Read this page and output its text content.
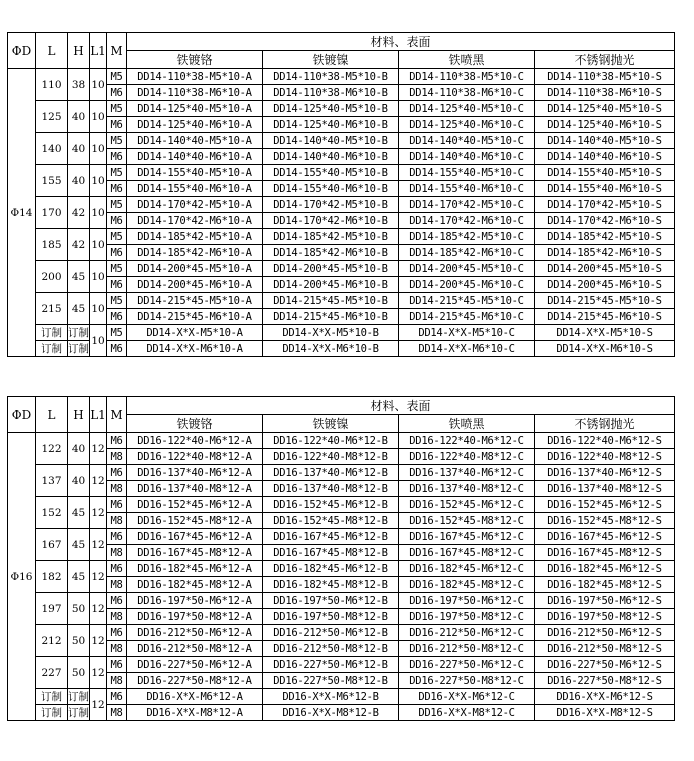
ΦD	L	H	L1	M	材料、表面			
					铁镀铬	铁镀镍	铁喷黑	不锈钢抛光
Φ14	110	38	10	M5	DD14-110*38-M5*10-A	DD14-110*38-M5*10-B	DD14-110*38-M5*10-C	DD14-110*38-M5*10-S
				M6	DD14-110*38-M6*10-A	DD14-110*38-M6*10-B	DD14-110*38-M6*10-C	DD14-110*38-M6*10-S
	125	40	10	M5	DD14-125*40-M5*10-A	DD14-125*40-M5*10-B	DD14-125*40-M5*10-C	DD14-125*40-M5*10-S
				M6	DD14-125*40-M6*10-A	DD14-125*40-M6*10-B	DD14-125*40-M6*10-C	DD14-125*40-M6*10-S
	140	40	10	M5	DD14-140*40-M5*10-A	DD14-140*40-M5*10-B	DD14-140*40-M5*10-C	DD14-140*40-M5*10-S
				M6	DD14-140*40-M6*10-A	DD14-140*40-M6*10-B	DD14-140*40-M6*10-C	DD14-140*40-M6*10-S
	155	40	10	M5	DD14-155*40-M5*10-A	DD14-155*40-M5*10-B	DD14-155*40-M5*10-C	DD14-155*40-M5*10-S
				M6	DD14-155*40-M6*10-A	DD14-155*40-M6*10-B	DD14-155*40-M6*10-C	DD14-155*40-M6*10-S
	170	42	10	M5	DD14-170*42-M5*10-A	DD14-170*42-M5*10-B	DD14-170*42-M5*10-C	DD14-170*42-M5*10-S
				M6	DD14-170*42-M6*10-A	DD14-170*42-M6*10-B	DD14-170*42-M6*10-C	DD14-170*42-M6*10-S
	185	42	10	M5	DD14-185*42-M5*10-A	DD14-185*42-M5*10-B	DD14-185*42-M5*10-C	DD14-185*42-M5*10-S
				M6	DD14-185*42-M6*10-A	DD14-185*42-M6*10-B	DD14-185*42-M6*10-C	DD14-185*42-M6*10-S
	200	45	10	M5	DD14-200*45-M5*10-A	DD14-200*45-M5*10-B	DD14-200*45-M5*10-C	DD14-200*45-M5*10-S
				M6	DD14-200*45-M6*10-A	DD14-200*45-M6*10-B	DD14-200*45-M6*10-C	DD14-200*45-M6*10-S
	215	45	10	M5	DD14-215*45-M5*10-A	DD14-215*45-M5*10-B	DD14-215*45-M5*10-C	DD14-215*45-M5*10-S
				M6	DD14-215*45-M6*10-A	DD14-215*45-M6*10-B	DD14-215*45-M6*10-C	DD14-215*45-M6*10-S
	订制	订制	10	M5	DD14-X*X-M5*10-A	DD14-X*X-M5*10-B	DD14-X*X-M5*10-C	DD14-X*X-M5*10-S
	订制	订制		M6	DD14-X*X-M6*10-A	DD14-X*X-M6*10-B	DD14-X*X-M6*10-C	DD14-X*X-M6*10-S
ΦD	L	H	L1	M	材料、表面			
					铁镀铬	铁镀镍	铁喷黑	不锈钢抛光
Φ16	122	40	12	M6	DD16-122*40-M6*12-A	DD16-122*40-M6*12-B	DD16-122*40-M6*12-C	DD16-122*40-M6*12-S
				M8	DD16-122*40-M8*12-A	DD16-122*40-M8*12-B	DD16-122*40-M8*12-C	DD16-122*40-M8*12-S
	137	40	12	M6	DD16-137*40-M6*12-A	DD16-137*40-M6*12-B	DD16-137*40-M6*12-C	DD16-137*40-M6*12-S
				M8	DD16-137*40-M8*12-A	DD16-137*40-M8*12-B	DD16-137*40-M8*12-C	DD16-137*40-M8*12-S
	152	45	12	M6	DD16-152*45-M6*12-A	DD16-152*45-M6*12-B	DD16-152*45-M6*12-C	DD16-152*45-M6*12-S
				M8	DD16-152*45-M8*12-A	DD16-152*45-M8*12-B	DD16-152*45-M8*12-C	DD16-152*45-M8*12-S
	167	45	12	M6	DD16-167*45-M6*12-A	DD16-167*45-M6*12-B	DD16-167*45-M6*12-C	DD16-167*45-M6*12-S
				M8	DD16-167*45-M8*12-A	DD16-167*45-M8*12-B	DD16-167*45-M8*12-C	DD16-167*45-M8*12-S
	182	45	12	M6	DD16-182*45-M6*12-A	DD16-182*45-M6*12-B	DD16-182*45-M6*12-C	DD16-182*45-M6*12-S
				M8	DD16-182*45-M8*12-A	DD16-182*45-M8*12-B	DD16-182*45-M8*12-C	DD16-182*45-M8*12-S
	197	50	12	M6	DD16-197*50-M6*12-A	DD16-197*50-M6*12-B	DD16-197*50-M6*12-C	DD16-197*50-M6*12-S
				M8	DD16-197*50-M8*12-A	DD16-197*50-M8*12-B	DD16-197*50-M8*12-C	DD16-197*50-M8*12-S
	212	50	12	M6	DD16-212*50-M6*12-A	DD16-212*50-M6*12-B	DD16-212*50-M6*12-C	DD16-212*50-M6*12-S
				M8	DD16-212*50-M8*12-A	DD16-212*50-M8*12-B	DD16-212*50-M8*12-C	DD16-212*50-M8*12-S
	227	50	12	M6	DD16-227*50-M6*12-A	DD16-227*50-M6*12-B	DD16-227*50-M6*12-C	DD16-227*50-M6*12-S
				M8	DD16-227*50-M8*12-A	DD16-227*50-M8*12-B	DD16-227*50-M8*12-C	DD16-227*50-M8*12-S
	订制	订制	12	M6	DD16-X*X-M6*12-A	DD16-X*X-M6*12-B	DD16-X*X-M6*12-C	DD16-X*X-M6*12-S
	订制	订制		M8	DD16-X*X-M8*12-A	DD16-X*X-M8*12-B	DD16-X*X-M8*12-C	DD16-X*X-M8*12-S
